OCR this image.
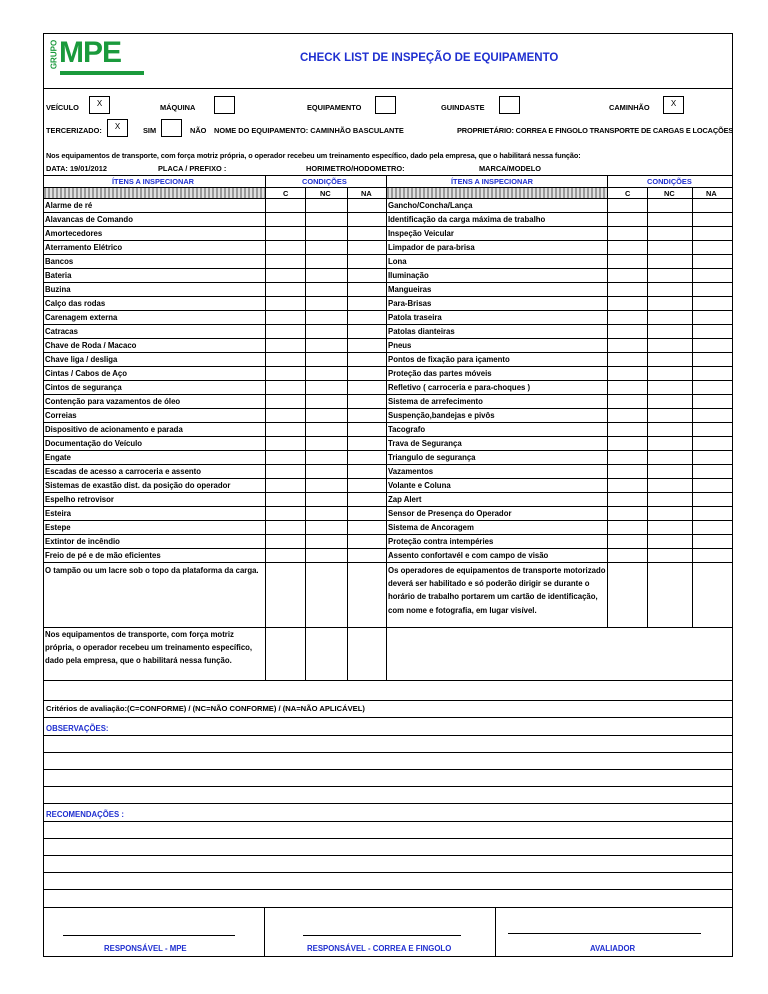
GRUPO MPE	CHECK LIST DE INSPEÇÃO DE EQUIPAMENTO
VEÍCULO	X	MÁQUINA	EQUIPAMENTO	GUINDASTE	CAMINHÃO	X
TERCERIZADO:	X	SIM	NÃO NOME DO EQUIPAMENTO: CAMINHÃO BASCULANTE	PROPRIETÁRIO: CORREA E FINGOLO TRANSPORTE DE CARGAS E LOCAÇÕES
Nos equipamentos de transporte, com força motriz própria, o operador recebeu um treinamento específico, dado pela empresa, que o habilitará nessa função:
DATA: 19/01/2012	PLACA / PREFIXO :	HORIMETRO/HODOMETRO:	MARCA/MODELO
ÍTENS A INSPECIONAR	CONDIÇÕES	ÍTENS A INSPECIONAR	CONDIÇÕES
C	NC	NA	C	NC	NA
Alarme de ré	Gancho/Concha/Lança
Alavancas de Comando	Identificação da carga máxima de trabalho
Amortecedores	Inspeção Veicular
Aterramento Elétrico	Limpador de para-brisa
Bancos	Lona
Bateria	Iluminação
Buzina	Mangueiras
Calço das rodas	Para-Brisas
Carenagem externa	Patola traseira
Catracas	Patolas dianteiras
Chave de Roda / Macaco	Pneus
Chave liga / desliga	Pontos de fixação para içamento
Cintas / Cabos de Aço	Proteção das partes móveis
Cintos de segurança	Refletivo ( carroceria e para-choques )
Contenção para vazamentos de óleo	Sistema de arrefecimento
Correias	Suspenção,bandejas e pivôs
Dispositivo de acionamento e parada	Tacografo
Documentação do Veículo	Trava de Segurança
Engate	Triangulo de segurança
Escadas de acesso a carroceria e assento	Vazamentos
Sistemas de exastão dist. da posição do operador	Volante e Coluna
Espelho retrovisor	Zap Alert
Esteira	Sensor de Presença do Operador
Estepe	Sistema de Ancoragem
Extintor de incêndio	Proteção contra intempéries
Freio de pé e de mão eficientes	Assento confortavél e com campo de visão
O tampão ou um lacre sob o topo da plataforma da carga.	Os operadores de equipamentos de transporte motorizado deverá ser habilitado e só poderão dirigir se durante o horário de trabalho portarem um cartão de identificação, com nome e fotografia, em lugar visível.
Nos equipamentos de transporte, com força motriz própria, o operador recebeu um treinamento específico, dado pela empresa, que o habilitará nessa função.
Critérios de avaliação:(C=CONFORME) / (NC=NÃO CONFORME) / (NA=NÃO APLICÁVEL)
OBSERVAÇÕES:
RECOMENDAÇÕES :
RESPONSÁVEL - MPE	RESPONSÁVEL - CORREA E FINGOLO	AVALIADOR
